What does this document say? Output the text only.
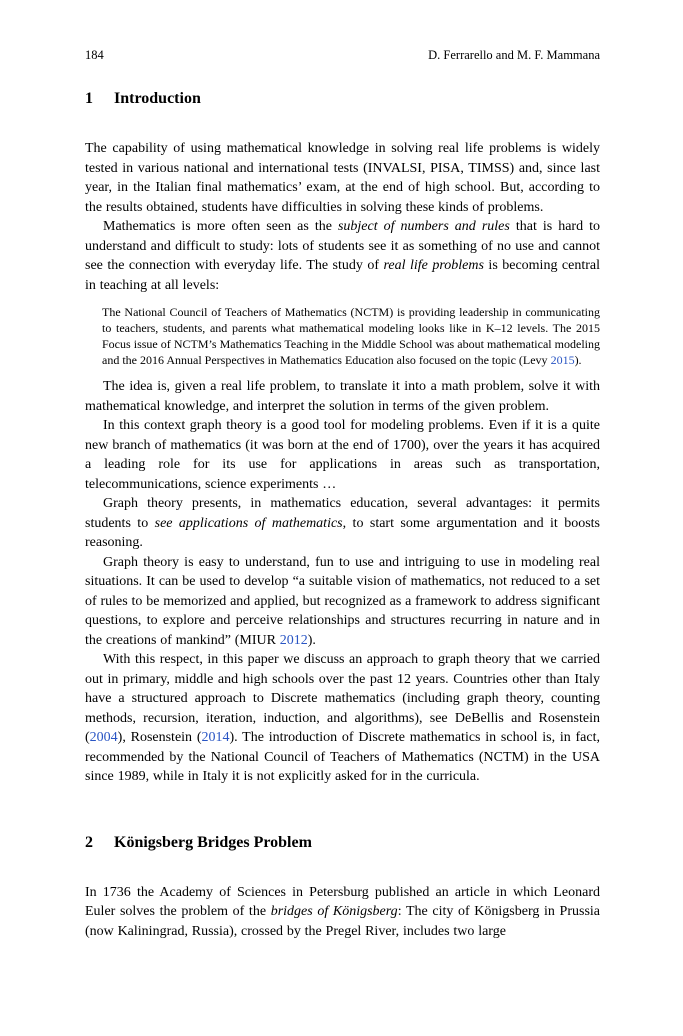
184	D. Ferrarello and M. F. Mammana
1 Introduction

The capability of using mathematical knowledge in solving real life problems is widely tested in various national and international tests (INVALSI, PISA, TIMSS) and, since last year, in the Italian final mathematics’ exam, at the end of high school. But, according to the results obtained, students have difficulties in solving these kinds of problems.

Mathematics is more often seen as the subject of numbers and rules that is hard to understand and difficult to study: lots of students see it as something of no use and cannot see the connection with everyday life. The study of real life problems is becoming central in teaching at all levels:

The National Council of Teachers of Mathematics (NCTM) is providing leadership in communicating to teachers, students, and parents what mathematical modeling looks like in K–12 levels. The 2015 Focus issue of NCTM’s Mathematics Teaching in the Middle School was about mathematical modeling and the 2016 Annual Perspectives in Mathematics Education also focused on the topic (Levy 2015).

The idea is, given a real life problem, to translate it into a math problem, solve it with mathematical knowledge, and interpret the solution in terms of the given problem.

In this context graph theory is a good tool for modeling problems. Even if it is a quite new branch of mathematics (it was born at the end of 1700), over the years it has acquired a leading role for its use for applications in areas such as transportation, telecommunications, science experiments …

Graph theory presents, in mathematics education, several advantages: it permits students to see applications of mathematics, to start some argumentation and it boosts reasoning.

Graph theory is easy to understand, fun to use and intriguing to use in modeling real situations. It can be used to develop “a suitable vision of mathematics, not reduced to a set of rules to be memorized and applied, but recognized as a framework to address significant questions, to explore and perceive relationships and structures recurring in nature and in the creations of mankind” (MIUR 2012).

With this respect, in this paper we discuss an approach to graph theory that we carried out in primary, middle and high schools over the past 12 years. Countries other than Italy have a structured approach to Discrete mathematics (including graph theory, counting methods, recursion, iteration, induction, and algorithms), see DeBellis and Rosenstein (2004), Rosenstein (2014). The introduction of Discrete mathematics in school is, in fact, recommended by the National Council of Teachers of Mathematics (NCTM) in the USA since 1989, while in Italy it is not explicitly asked for in the curricula.

2 Königsberg Bridges Problem

In 1736 the Academy of Sciences in Petersburg published an article in which Leonard Euler solves the problem of the bridges of Königsberg: The city of Königsberg in Prussia (now Kaliningrad, Russia), crossed by the Pregel River, includes two large
